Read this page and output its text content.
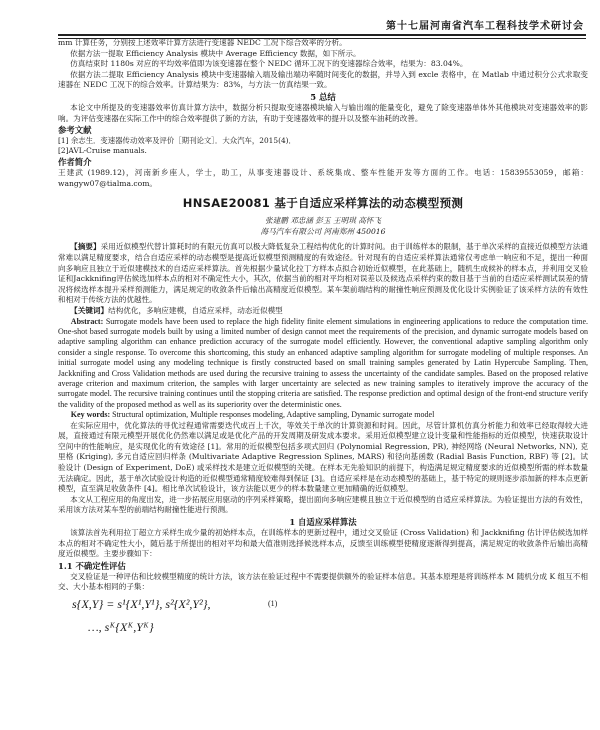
第十七届河南省汽车工程科技学术研讨会

mm 计算任务，分别按上述效率计算方法进行变速器 NEDC 工况下综合效率的分析。

依据方法一提取 Efficiency Analysis 模块中 Average Efficiency 数据，如下所示。

仿真结束时 1180s 对应的平均效率值即为该变速器在整个 NEDC 循环工况下的变速器综合效率，结果为：83.04%。

依据方法二提取 Efficiency Analysis 模块中变速器输入端及输出端功率随时间变化的数据，并导入到 excle 表格中，在 Matlab 中通过积分公式求取变速器在 NEDC 工况下的综合效率。计算结果为：83%，与方法一仿真结果一致。

5 总结

本论文中所提及的变速器效率仿真计算方法中，数据分析只提取变速器模块输入与输出端的能量变化，避免了除变速器单体外其他模块对变速器效率的影响。为评估变速器在实际工作中的综合效率提供了新的方法，有助于变速器效率的提升以及整车油耗的改善。

参考文献

[1] 余志生．变速器传动效率及评价［期刊论文］．大众汽车，2015(4)．

[2]AVL-Cruise manuals.

作者简介

王建武 (1989.12)，河南新乡座人，学士，助工，从事变速器设计、系统集成、整车性能开发等方面的工作。电话：15839553059，邮箱：wangyw07@tialma.com。

HNSAE20081 基于自适应采样算法的动态模型预测

张建鹏 邓忠涵 彭玉 王明琪 高怀飞

海马汽车有限公司 河南郑州 450016

【摘要】采用近似模型代替计算耗时的有限元仿真可以极大降低复杂工程结构优化的计算时间。由于训练样本的限制，基于单次采样的直接近似模型方法通常难以满足精度要求，结合自适应采样的动态模型是提高近似模型预测精度的有效途径。针对现有的自适应采样算法通常仅考虑单一响应和不足，提出一种面向多响应且独立于近似建模技术的自适应采样算法。首先根据少量试化拉丁方样本点拟合初始近似模型，在此基础上，随机生成候补的样本点，并利用交叉验证和Jackknifing评估候选加样本点的相对不确定性大小，其次，依据当前的相对平均相对误差以及候选点采样约束的数目基于当前的自适应采样测试误差的情况将候选样本提升采样预测能力，满足规定的收敛条件后输出高精度近似模型。某车架前端结构的耐撞性响应预测及优化设计实例验证了该采样方法的有效性和相对于传统方法的优越性。

【关键词】结构优化，多响应建模，自适应采样，动态近似模型

Abstract: Surrogate models have been used to replace the high fidelity finite element simulations in engineering applications to reduce the computation time. One-shot based surrogate models built by using a limited number of design cannot meet the requirements of the precision, and dynamic surrogate models based on adaptive sampling algorithm can enhance prediction accuracy of the surrogate model efficiently. However, the conventional adaptive sampling algorithm only consider a single response. To overcome this shortcoming, this study an enhanced adaptive sampling algorithm for surrogate modeling of multiple responses. An initial surrogate model using any modeling technique is firstly constructed based on small training samples generated by Latin Hypercube Sampling. Then, Jackknifing and Cross Validation methods are used during the recursive training to assess the uncertainty of the candidate samples. Based on the proposed relative average criterion and maximum criterion, the samples with larger uncertainty are selected as new training samples to iteratively improve the accuracy of the surrogate model. The recursive training continues until the stopping criteria are satisfied. The response prediction and optimal design of the front-end structure verify the validity of the proposed method as well as its superiority over the deterministic ones.

Key words: Structural optimization, Multiple responses modeling, Adaptive sampling, Dynamic surrogate model

在实际应用中，优化算法的寻优过程通常需要迭代成百上千次，等效关于单次的计算资源和时间。因此，尽管计算机仿真分析能力和效率已经取得较大进展，直接通过有限元模型开展优化仍然难以满足或是优化产品的开发周期及研发成本要求。采用近似模型建立设计变量和性能指标的近似模型，快速获取设计空间中的性能响应，是实现优化的有效途径 [1]。常用的近似模型包括多项式回归 (Polynomial Regression, PR), 神经网络 (Neural Networks, NN), 克里格 (Kriging), 多元自适应回归样条 (Multivariate Adaptive Regression Splines, MARS) 和径向基函数 (Radial Basis Function, RBF) 等 [2]。试验设计 (Design of Experiment, DoE) 或采样技术是建立近似模型的关键。在样本无先验知识的前提下，构造满足规定精度要求的近似模型所需的样本数量无法确定。因此，基于单次试验设计构造的近似模型通常精度较难得到保证 [3]。自适应采样是在动态模型的基础上，基于特定的规则逐步添加新的样本点更新模型，直至满足收敛条件 [4]。相比单次试验设计，该方法能以更少的样本数量建立更加精确的近似模型。

本文从工程应用的角度出发，进一步拓展应用驱动的序列采样策略，提出面向多响应建模且独立于近似模型的自适应采样算法。为验证提出方法的有效性，采用该方法对某车型的前端结构耐撞性能进行预测。

1 自适应采样算法

该算法首先利用拉丁超立方采样生成少量的初始样本点，在训练样本的更新过程中，通过交叉验证 (Cross Validation) 和 Jackknifing 估计评估候选加样本点的相对不确定性大小，随后基于所提出的相对平均和最大值准则选择候选样本点，反馈至训练模型使精度逐渐得到提高，满足规定的收敛条件后输出高精度近似模型。主要步骤如下：

1.1 不确定性评估

交叉验证是一种评估和比较模型精度的统计方法，该方法在验证过程中不需要提供额外的验证样本信息。其基本原理是将训练样本 M 随机分成 K 组互不相交、大小基本相同的子集：

s{X,Y} = s¹{X¹,Y¹}, s²{X²,Y²},	(1)
…, sᴷ{Xᴷ,Yᴷ}
